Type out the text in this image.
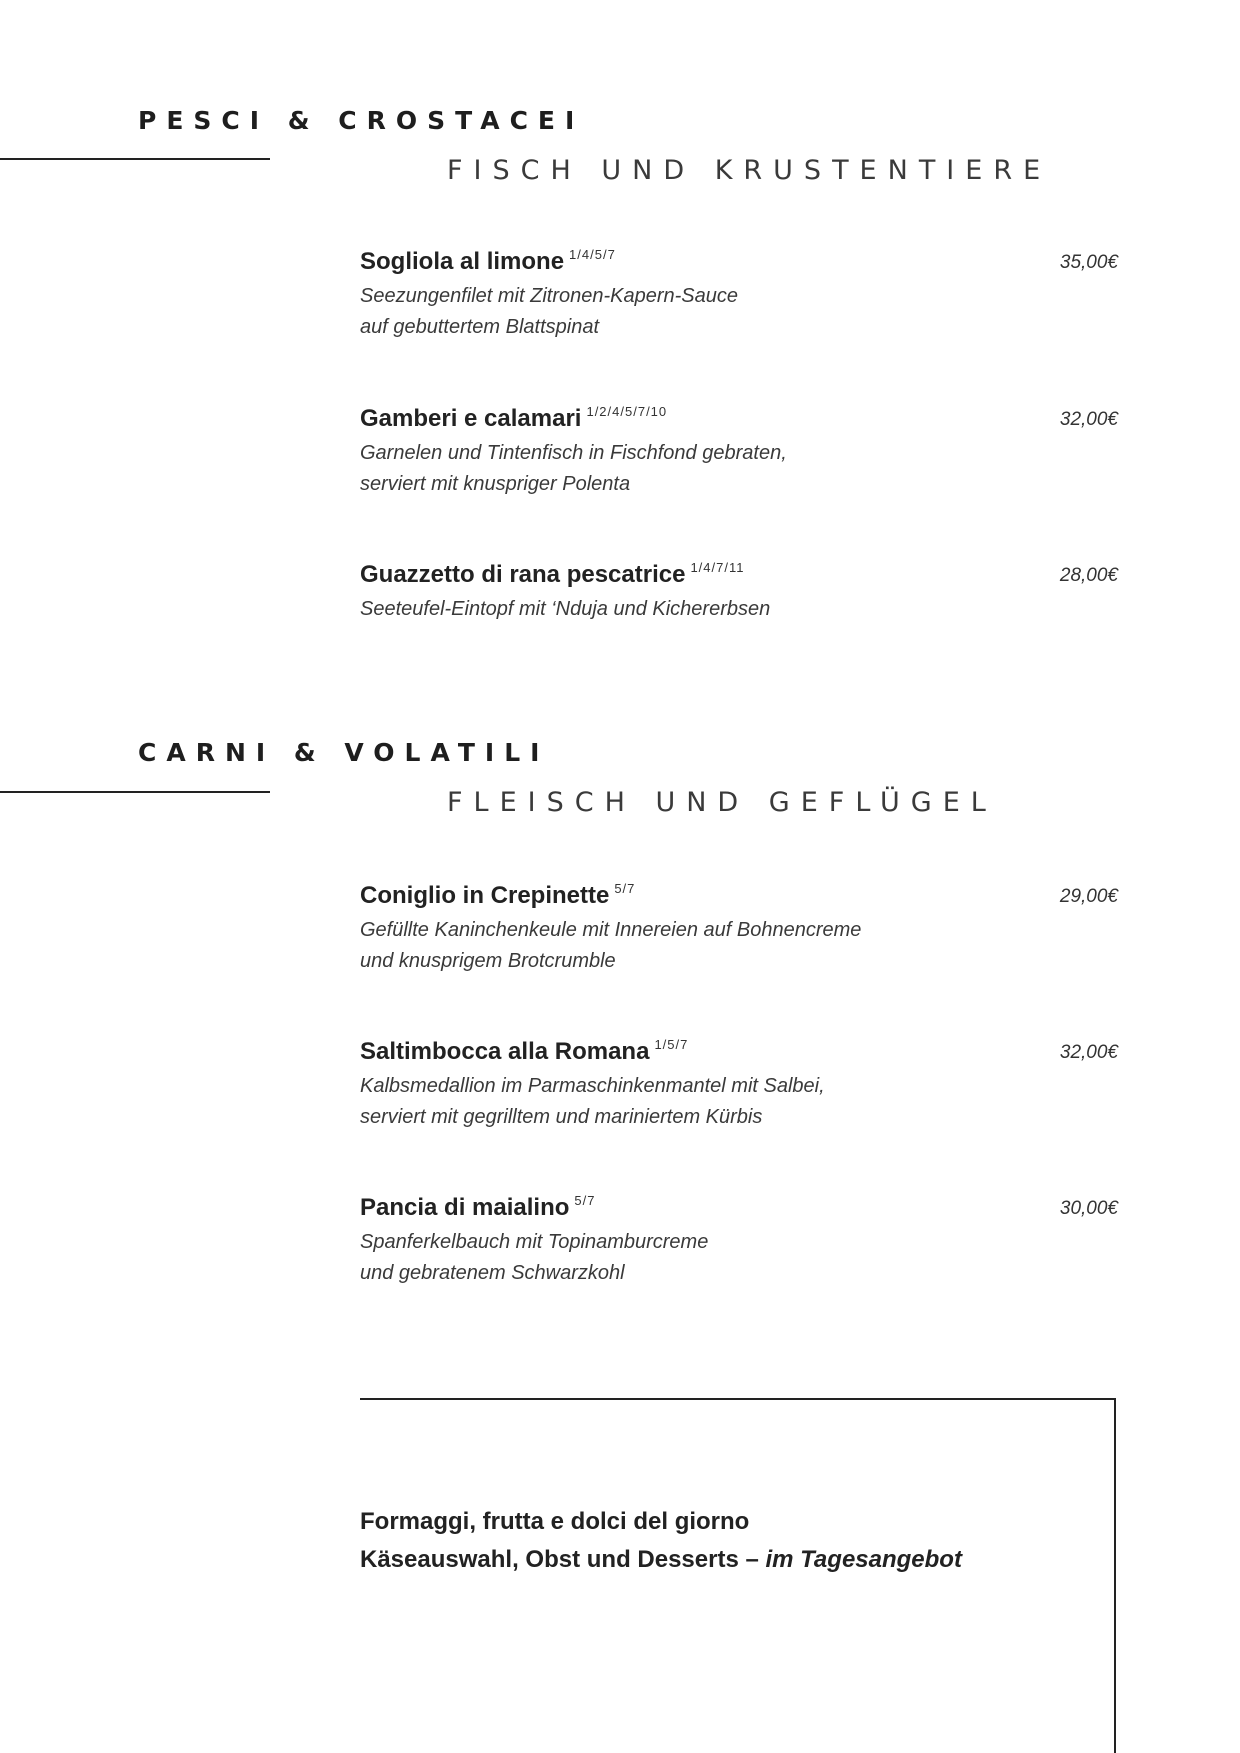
PESCI & CROSTACEI
FISCH UND KRUSTENTIERE
Sogliola al limone $^{1/4/5/7}$	35,00€
Seezungenfilet mit Zitronen-Kapern-Sauce
auf gebuttertem Blattspinat
Gamberi e calamari $^{1/2/4/5/7/10}$	32,00€
Garnelen und Tintenfisch in Fischfond gebraten,
serviert mit knuspriger Polenta
Guazzetto di rana pescatrice $^{1/4/7/11}$	28,00€
Seeteufel-Eintopf mit ‘Nduja und Kichererbsen
CARNI & VOLATILI
FLEISCH UND GEFLÜGEL
Coniglio in Crepinette $^{5/7}$	29,00€
Gefüllte Kaninchenkeule mit Innereien auf Bohnencreme
und knusprigem Brotcrumble
Saltimbocca alla Romana $^{1/5/7}$	32,00€
Kalbsmedallion im Parmaschinkenmantel mit Salbei,
serviert mit gegrilltem und mariniertem Kürbis
Pancia di maialino $^{5/7}$	30,00€
Spanferkelbauch mit Topinamburcreme
und gebratenem Schwarzkohl
Formaggi, frutta e dolci del giorno
Käseauswahl, Obst und Desserts – im Tagesangebot
